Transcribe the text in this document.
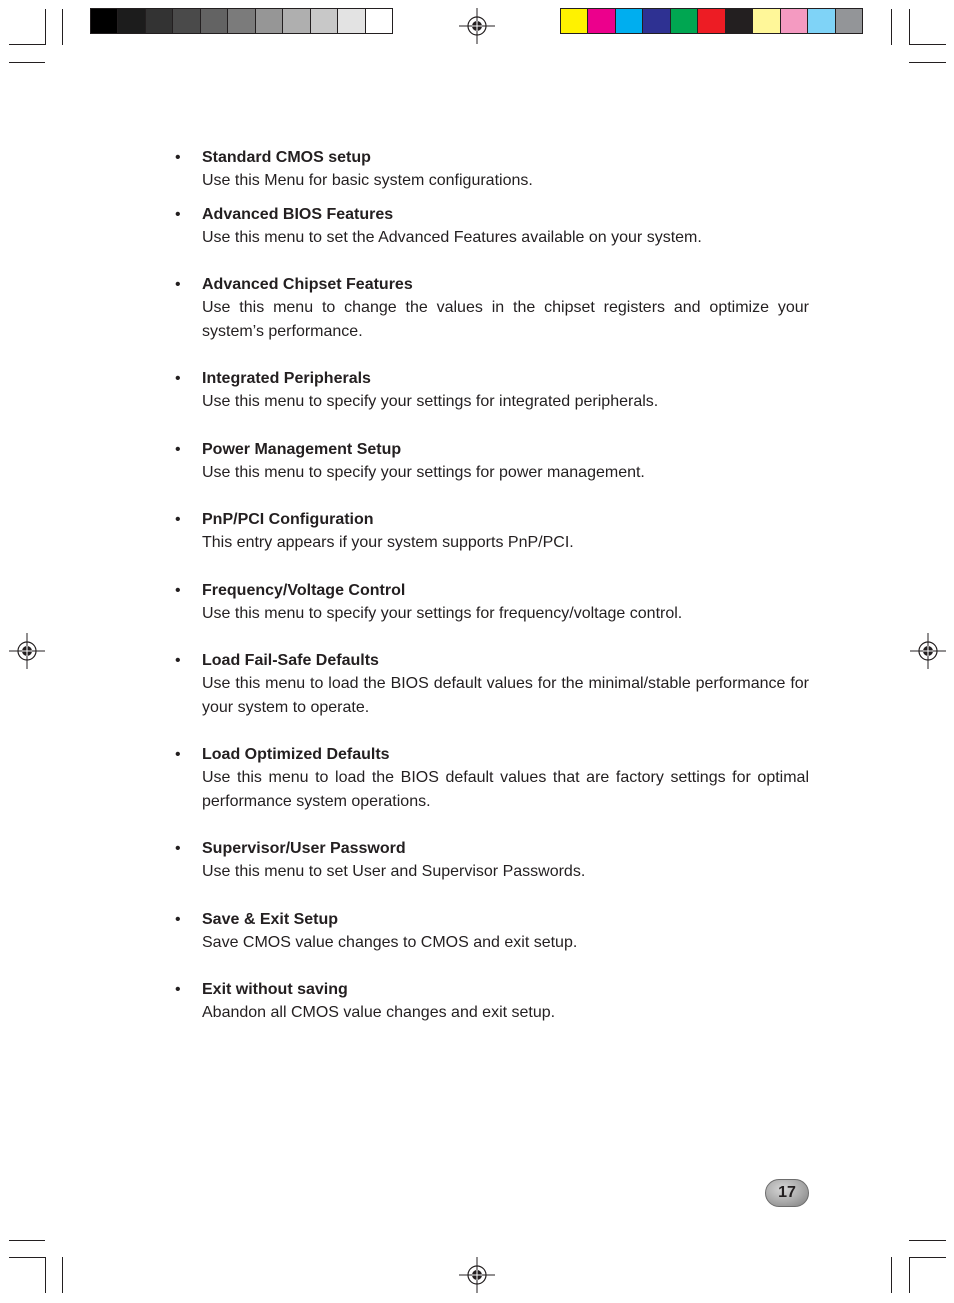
• Standard CMOS setup

Use this Menu for basic system configurations.

• Advanced BIOS Features

Use this menu to set the Advanced Features available on your system.

• Advanced Chipset Features

Use this menu to change the values in the chipset registers and optimize your system’s performance.

• Integrated Peripherals

Use this menu to specify your settings for integrated peripherals.

• Power Management Setup

Use this menu to specify your settings for power management.

• PnP/PCI Configuration

This entry appears if your system supports PnP/PCI.

• Frequency/Voltage Control

Use this menu to specify your settings for frequency/voltage control.

• Load Fail-Safe Defaults

Use this menu to load the BIOS default values for the minimal/stable performance for your system to operate.

• Load Optimized Defaults

Use this menu to load the BIOS default values that are factory settings for optimal performance system operations.

• Supervisor/User Password

Use this menu to set User and Supervisor Passwords.

• Save & Exit Setup

Save CMOS value changes to CMOS and exit setup.

• Exit without saving

Abandon all CMOS value changes and exit setup.

17
